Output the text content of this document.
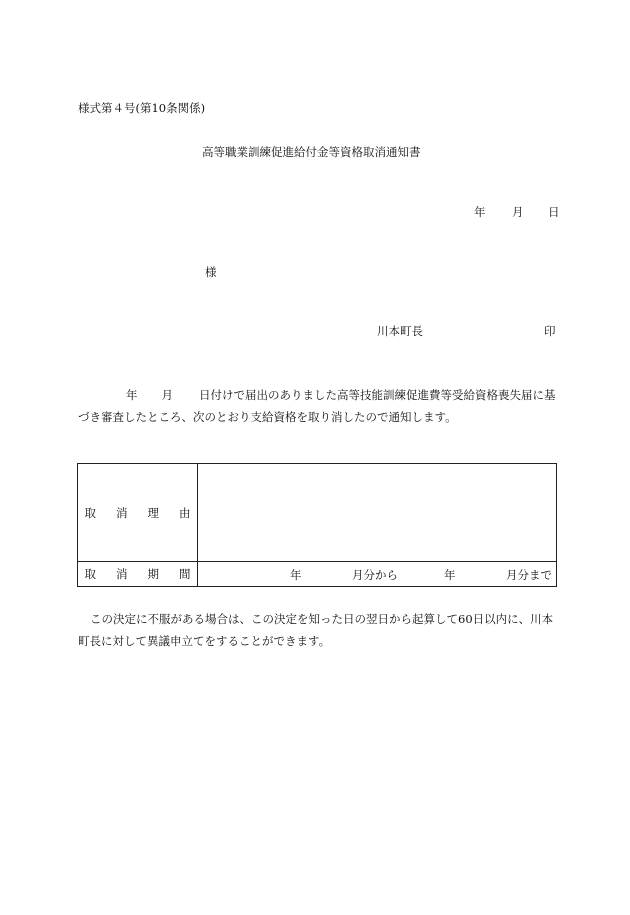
様式第４号(第10条関係)
高等職業訓練促進給付金等資格取消通知書
年 月 日
様
川本町長	印
年 月 日付けで届出のありました高等技能訓練促進費等受給資格喪失届に基づき審査したところ、次のとおり支給資格を取り消したので通知します。
取消理由
取消期間	年	月分から	年	月分まで
この決定に不服がある場合は、この決定を知った日の翌日から起算して60日以内に、川本町長に対して異議申立てをすることができます。
